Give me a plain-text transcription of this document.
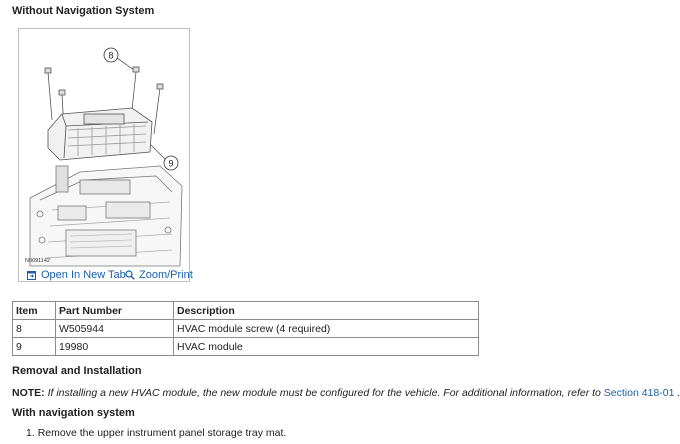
Without Navigation System
8
9
N0091142
Open In New Tab Zoom/Print
Item	Part Number	Description
8	W505944	HVAC module screw (4 required)
9	19980	HVAC module
Removal and Installation
NOTE: If installing a new HVAC module, the new module must be configured for the vehicle. For additional information, refer to Section 418-01 .
With navigation system
1. Remove the upper instrument panel storage tray mat.
